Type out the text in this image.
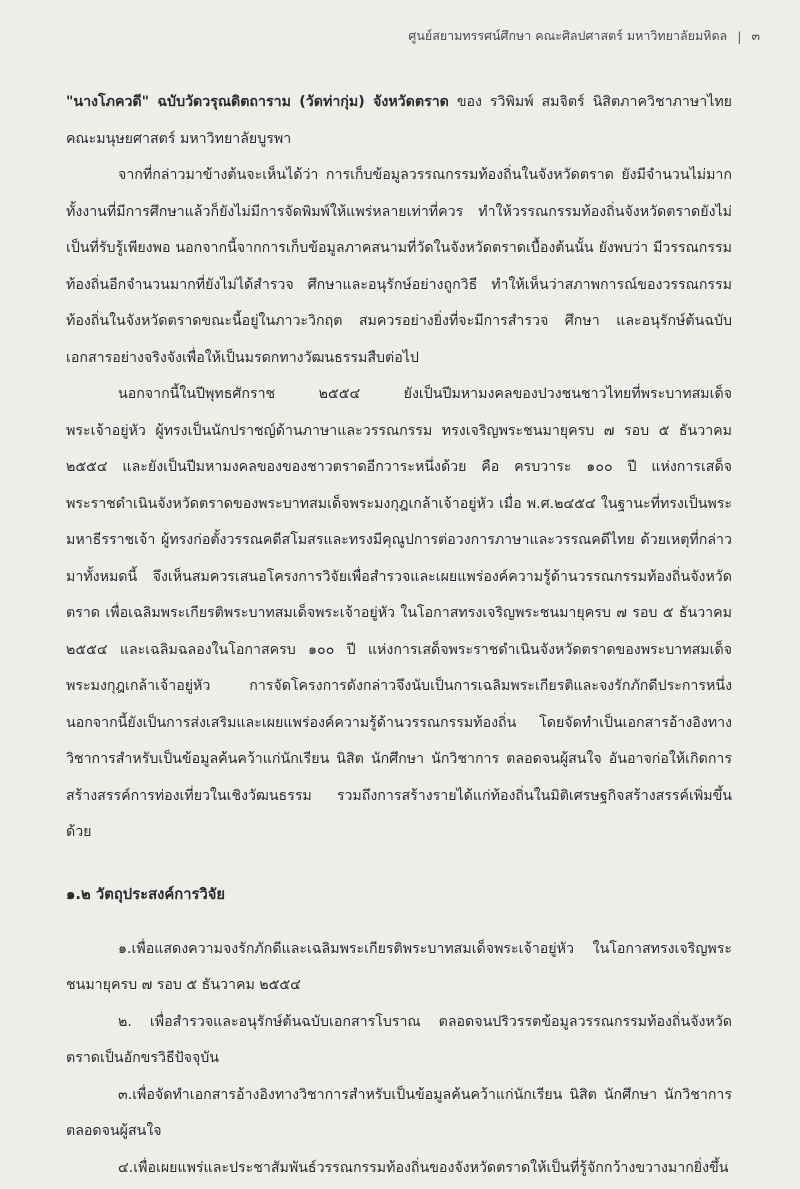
ศูนย์สยามทรรศน์ศึกษา คณะศิลปศาสตร์ มหาวิทยาลัยมหิดล | ๓

"นางโภควดี" ฉบับวัดวรุณดิตถาราม (วัดท่ากุ่ม) จังหวัดตราด ของ รวิพิมพ์ สมจิตร์ นิสิตภาควิชาภาษาไทย คณะมนุษยศาสตร์ มหาวิทยาลัยบูรพา

จากที่กล่าวมาข้างต้นจะเห็นได้ว่า การเก็บข้อมูลวรรณกรรมท้องถิ่นในจังหวัดตราด ยังมีจำนวนไม่มากทั้งงานที่มีการศึกษาแล้วก็ยังไม่มีการจัดพิมพ์ให้แพร่หลายเท่าที่ควร ทำให้วรรณกรรมท้องถิ่นจังหวัดตราดยังไม่เป็นที่รับรู้เพียงพอ นอกจากนี้จากการเก็บข้อมูลภาคสนามที่วัดในจังหวัดตราดเบื้องต้นนั้น ยังพบว่า มีวรรณกรรมท้องถิ่นอีกจำนวนมากที่ยังไม่ได้สำรวจ ศึกษาและอนุรักษ์อย่างถูกวิธี ทำให้เห็นว่าสภาพการณ์ของวรรณกรรมท้องถิ่นในจังหวัดตราดขณะนี้อยู่ในภาวะวิกฤต สมควรอย่างยิ่งที่จะมีการสำรวจ ศึกษา และอนุรักษ์ต้นฉบับเอกสารอย่างจริงจังเพื่อให้เป็นมรดกทางวัฒนธรรมสืบต่อไป

นอกจากนี้ในปีพุทธศักราช ๒๕๕๔ ยังเป็นปีมหามงคลของปวงชนชาวไทยที่พระบาทสมเด็จพระเจ้าอยู่หัว ผู้ทรงเป็นนักปราชญ์ด้านภาษาและวรรณกรรม ทรงเจริญพระชนมายุครบ ๗ รอบ ๕ ธันวาคม ๒๕๕๔ และยังเป็นปีมหามงคลของของชาวตราดอีกวาระหนึ่งด้วย คือ ครบวาระ ๑๐๐ ปี แห่งการเสด็จพระราชดำเนินจังหวัดตราดของพระบาทสมเด็จพระมงกุฎเกล้าเจ้าอยู่หัว เมื่อ พ.ศ.๒๔๕๔ ในฐานะที่ทรงเป็นพระมหาธีรราชเจ้า ผู้ทรงก่อตั้งวรรณคดีสโมสรและทรงมีคุณูปการต่อวงการภาษาและวรรณคดีไทย ด้วยเหตุที่กล่าวมาทั้งหมดนี้ จึงเห็นสมควรเสนอโครงการวิจัยเพื่อสำรวจและเผยแพร่องค์ความรู้ด้านวรรณกรรมท้องถิ่นจังหวัดตราด เพื่อเฉลิมพระเกียรติพระบาทสมเด็จพระเจ้าอยู่หัว ในโอกาสทรงเจริญพระชนมายุครบ ๗ รอบ ๕ ธันวาคม ๒๕๕๔ และเฉลิมฉลองในโอกาสครบ ๑๐๐ ปี แห่งการเสด็จพระราชดำเนินจังหวัดตราดของพระบาทสมเด็จพระมงกุฎเกล้าเจ้าอยู่หัว การจัดโครงการดังกล่าวจึงนับเป็นการเฉลิมพระเกียรติและจงรักภักดีประการหนึ่ง นอกจากนี้ยังเป็นการส่งเสริมและเผยแพร่องค์ความรู้ด้านวรรณกรรมท้องถิ่น โดยจัดทำเป็นเอกสารอ้างอิงทางวิชาการสำหรับเป็นข้อมูลค้นคว้าแก่นักเรียน นิสิต นักศึกษา นักวิชาการ ตลอดจนผู้สนใจ อันอาจก่อให้เกิดการสร้างสรรค์การท่องเที่ยวในเชิงวัฒนธรรม รวมถึงการสร้างรายได้แก่ท้องถิ่นในมิติเศรษฐกิจสร้างสรรค์เพิ่มขึ้นด้วย

๑.๒ วัตถุประสงค์การวิจัย

๑.เพื่อแสดงความจงรักภักดีและเฉลิมพระเกียรติพระบาทสมเด็จพระเจ้าอยู่หัว ในโอกาสทรงเจริญพระชนมายุครบ ๗ รอบ ๕ ธันวาคม ๒๕๕๔

๒. เพื่อสำรวจและอนุรักษ์ต้นฉบับเอกสารโบราณ ตลอดจนปริวรรตข้อมูลวรรณกรรมท้องถิ่นจังหวัดตราดเป็นอักขรวิธีปัจจุบัน

๓.เพื่อจัดทำเอกสารอ้างอิงทางวิชาการสำหรับเป็นข้อมูลค้นคว้าแก่นักเรียน นิสิต นักศึกษา นักวิชาการ ตลอดจนผู้สนใจ

๔.เพื่อเผยแพร่และประชาสัมพันธ์วรรณกรรมท้องถิ่นของจังหวัดตราดให้เป็นที่รู้จักกว้างขวางมากยิ่งขึ้น
